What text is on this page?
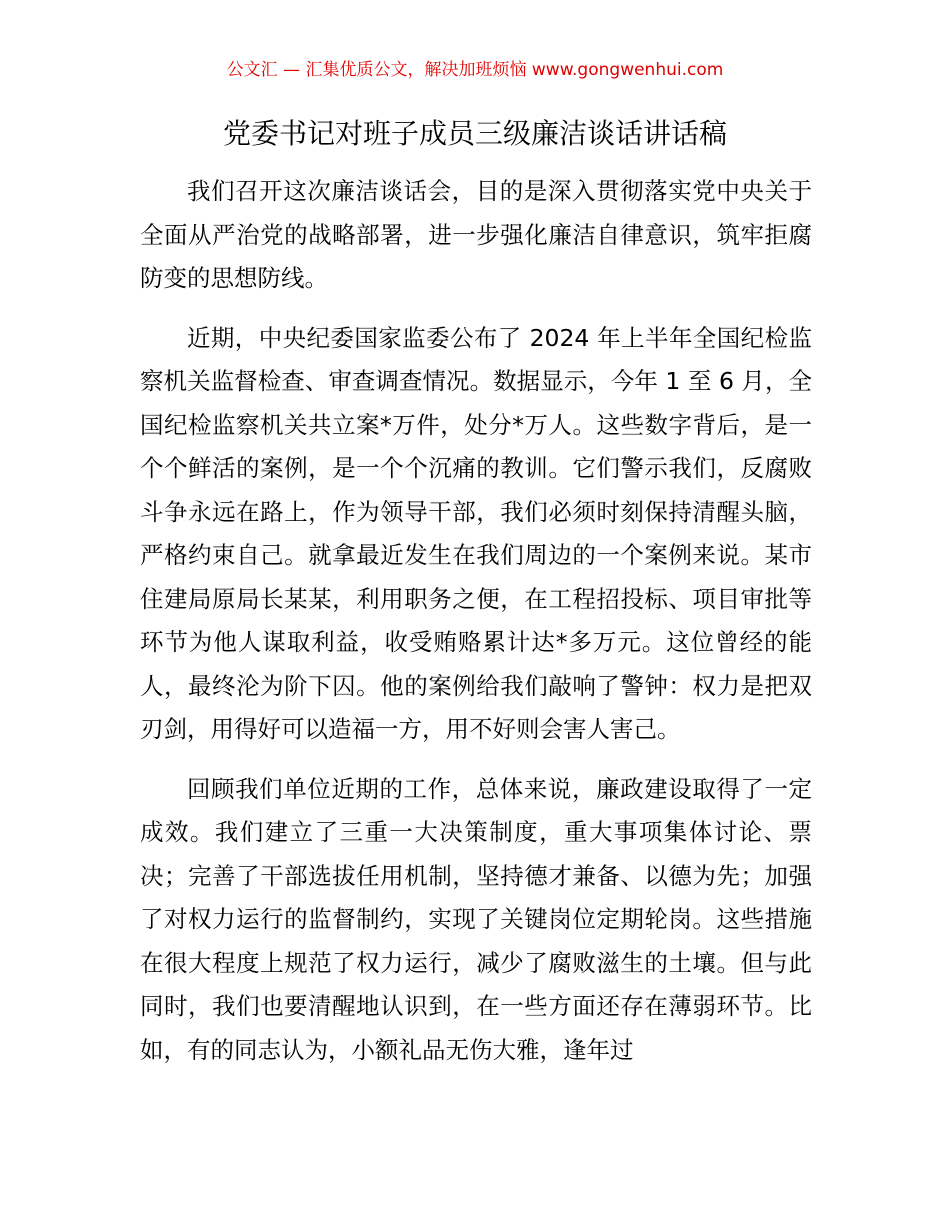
公文汇 — 汇集优质公文，解决加班烦恼 www.gongwenhui.com
党委书记对班子成员三级廉洁谈话讲话稿

我们召开这次廉洁谈话会，目的是深入贯彻落实党中央关于全面从严治党的战略部署，进一步强化廉洁自律意识，筑牢拒腐防变的思想防线。

近期，中央纪委国家监委公布了 2024 年上半年全国纪检监察机关监督检查、审查调查情况。数据显示，今年 1 至 6 月，全国纪检监察机关共立案*万件，处分*万人。这些数字背后，是一个个鲜活的案例，是一个个沉痛的教训。它们警示我们，反腐败斗争永远在路上，作为领导干部，我们必须时刻保持清醒头脑，严格约束自己。就拿最近发生在我们周边的一个案例来说。某市住建局原局长某某，利用职务之便，在工程招投标、项目审批等环节为他人谋取利益，收受贿赂累计达*多万元。这位曾经的能人，最终沦为阶下囚。他的案例给我们敲响了警钟：权力是把双刃剑，用得好可以造福一方，用不好则会害人害己。

回顾我们单位近期的工作，总体来说，廉政建设取得了一定成效。我们建立了三重一大决策制度，重大事项集体讨论、票决；完善了干部选拔任用机制，坚持德才兼备、以德为先；加强了对权力运行的监督制约，实现了关键岗位定期轮岗。这些措施在很大程度上规范了权力运行，减少了腐败滋生的土壤。但与此同时，我们也要清醒地认识到，在一些方面还存在薄弱环节。比如，有的同志认为，小额礼品无伤大雅，逢年过
